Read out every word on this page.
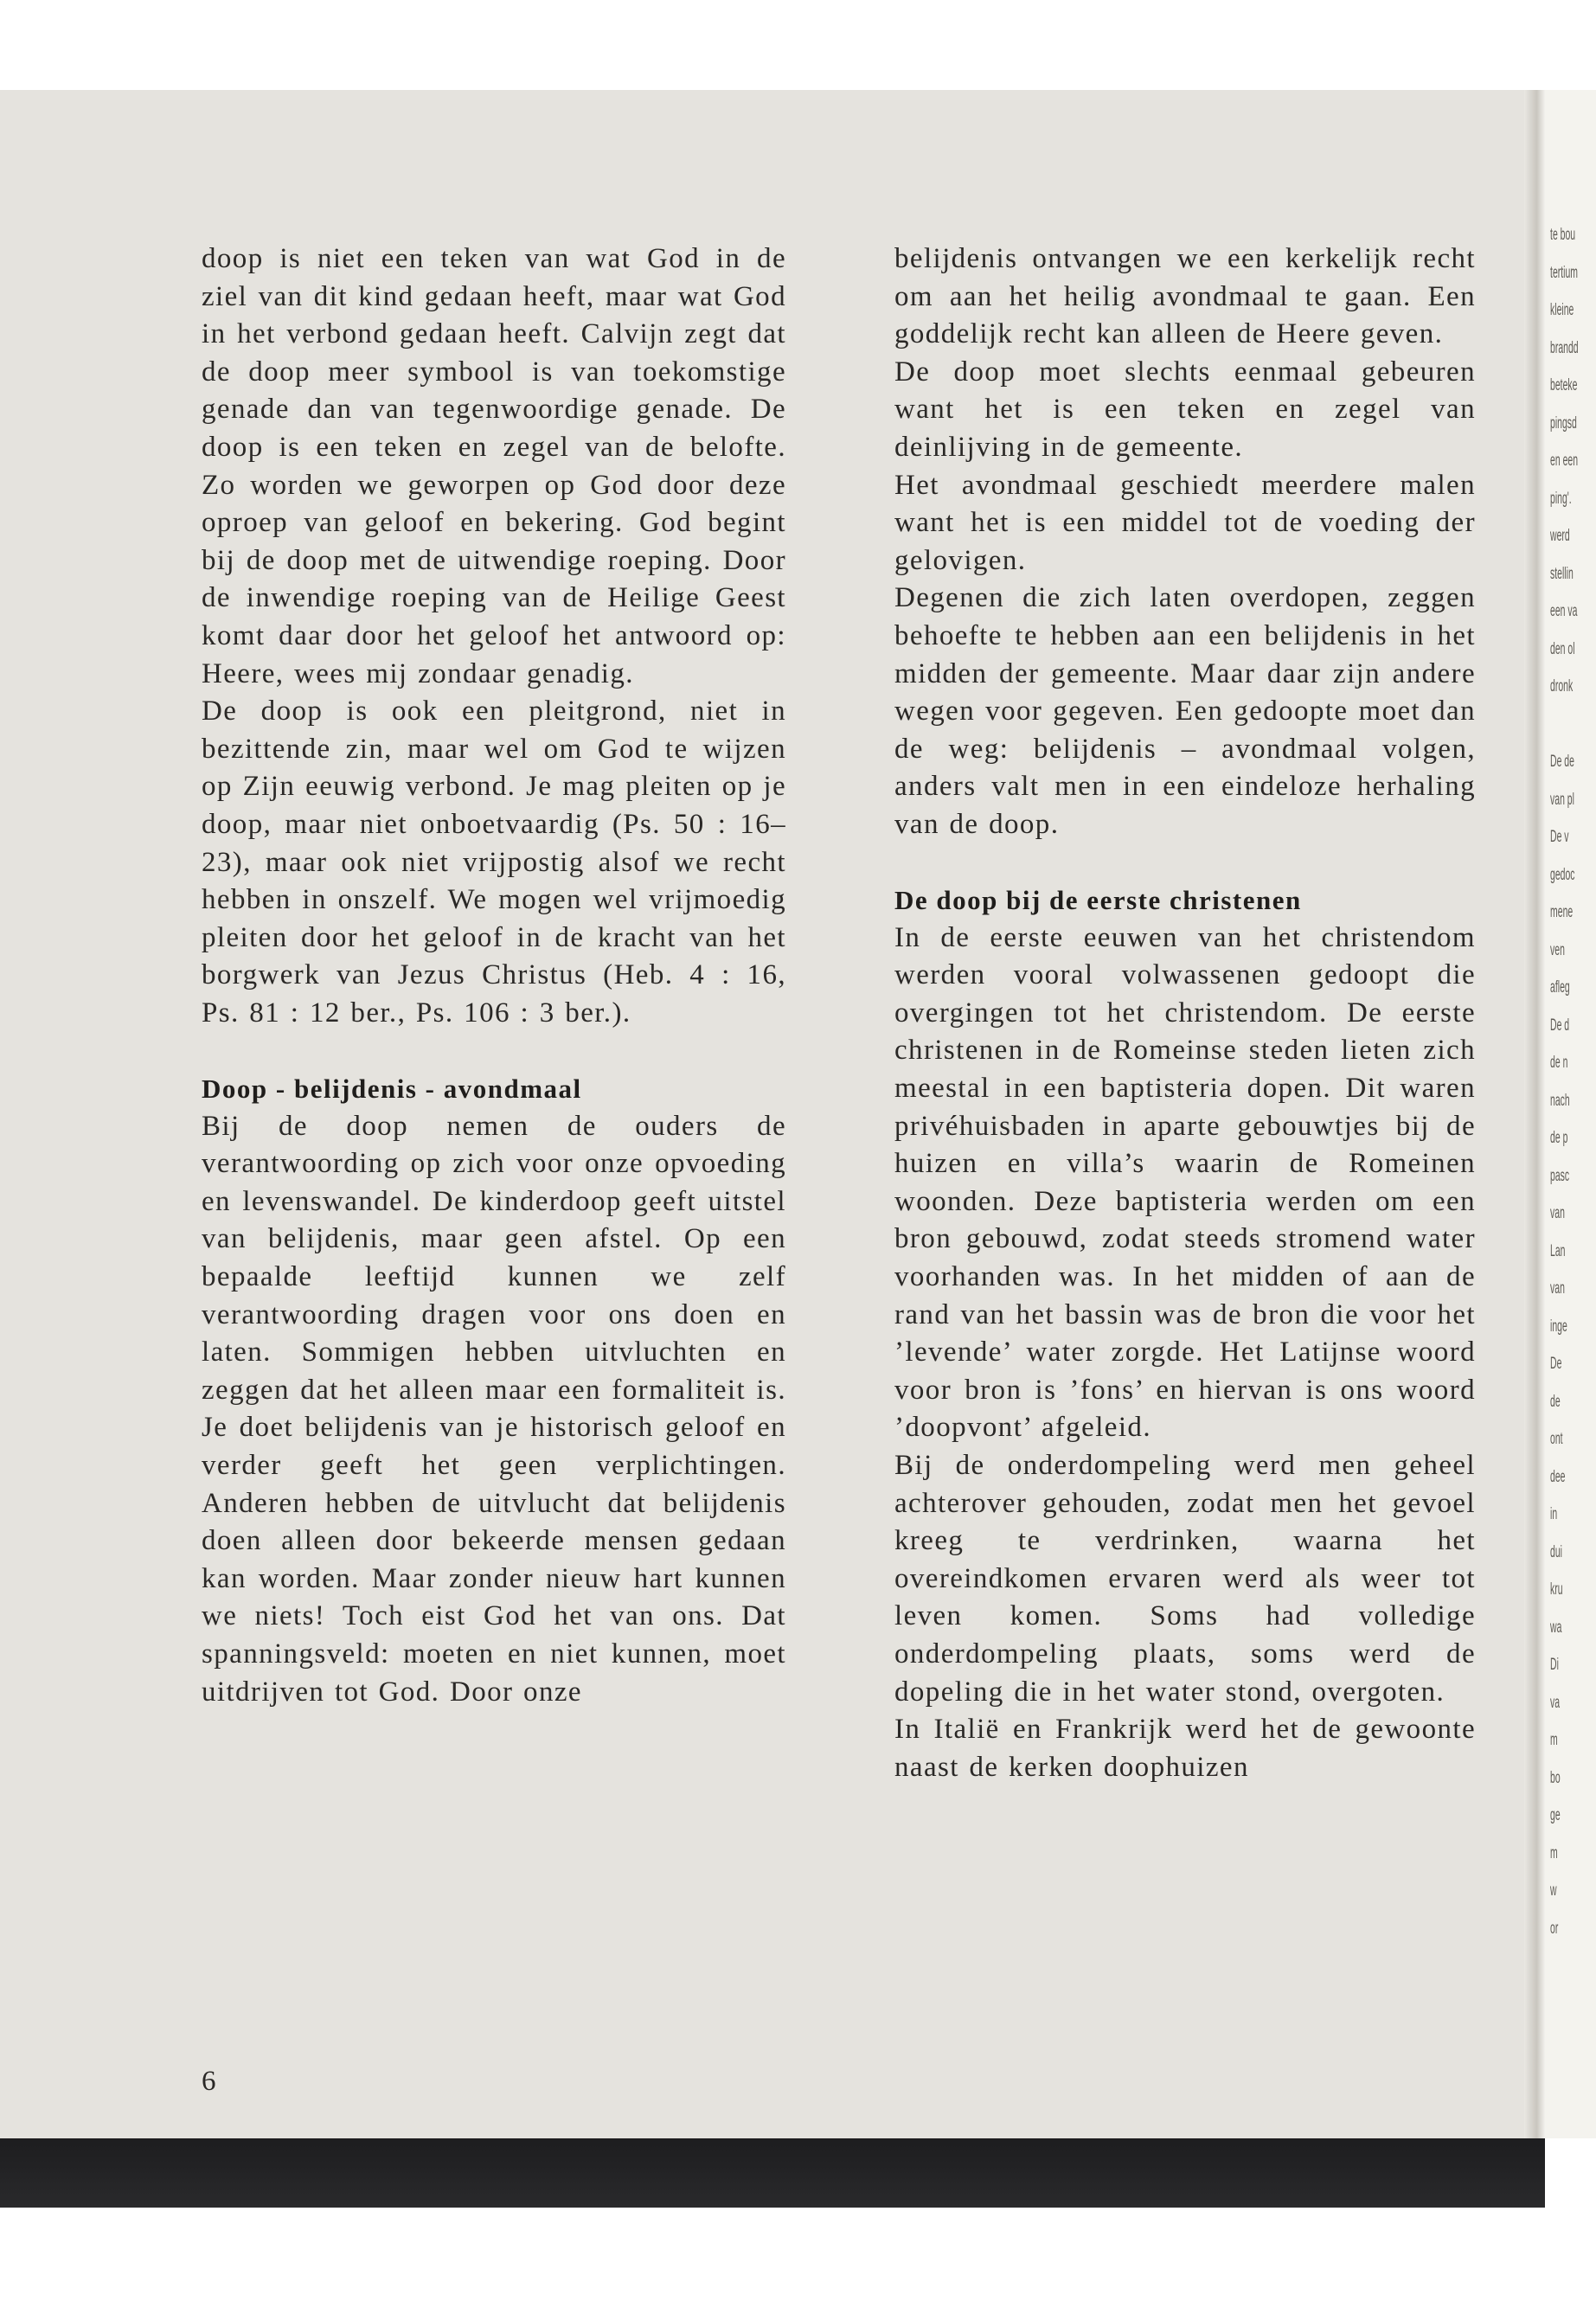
te bou
tertium
kleine
brandd
beteke
pingsd
en een
ping'.
werd
stellin
een va
den ol
dronk

De de
van pl
De v
gedoc
mene
ven
afleg
De d
de n
nach
de p
pasc
van
Lan
van
inge
De
de
ont
dee
in
dui
kru
wa
Di
va
m
bo
ge
m
w
or

doop is niet een teken van wat God in de ziel van dit kind gedaan heeft, maar wat God in het verbond gedaan heeft. Calvijn zegt dat de doop meer symbool is van toekomstige genade dan van tegenwoordige genade. De doop is een teken en zegel van de belofte. Zo worden we geworpen op God door deze oproep van geloof en bekering. God begint bij de doop met de uitwendige roeping. Door de inwendige roeping van de Heilige Geest komt daar door het geloof het antwoord op: Heere, wees mij zondaar genadig.

De doop is ook een pleitgrond, niet in bezittende zin, maar wel om God te wijzen op Zijn eeuwig verbond. Je mag pleiten op je doop, maar niet onboetvaardig (Ps. 50 : 16–23), maar ook niet vrijpostig alsof we recht hebben in onszelf. We mogen wel vrijmoedig pleiten door het geloof in de kracht van het borgwerk van Jezus Christus (Heb. 4 : 16, Ps. 81 : 12 ber., Ps. 106 : 3 ber.).

Doop - belijdenis - avondmaal

Bij de doop nemen de ouders de verantwoording op zich voor onze opvoeding en levenswandel. De kinderdoop geeft uitstel van belijdenis, maar geen afstel. Op een bepaalde leeftijd kunnen we zelf verantwoording dragen voor ons doen en laten. Sommigen hebben uitvluchten en zeggen dat het alleen maar een formaliteit is. Je doet belijdenis van je historisch geloof en verder geeft het geen verplichtingen. Anderen hebben de uitvlucht dat belijdenis doen alleen door bekeerde mensen gedaan kan worden. Maar zonder nieuw hart kunnen we niets! Toch eist God het van ons. Dat spanningsveld: moeten en niet kunnen, moet uitdrijven tot God. Door onze

belijdenis ontvangen we een kerkelijk recht om aan het heilig avondmaal te gaan. Een goddelijk recht kan alleen de Heere geven.

De doop moet slechts eenmaal gebeuren want het is een teken en zegel van deinlijving in de gemeente.

Het avondmaal geschiedt meerdere malen want het is een middel tot de voeding der gelovigen.

Degenen die zich laten overdopen, zeggen behoefte te hebben aan een belijdenis in het midden der gemeente. Maar daar zijn andere wegen voor gegeven. Een gedoopte moet dan de weg: belijdenis – avondmaal volgen, anders valt men in een eindeloze herhaling van de doop.

De doop bij de eerste christenen

In de eerste eeuwen van het christendom werden vooral volwassenen gedoopt die overgingen tot het christendom. De eerste christenen in de Romeinse steden lieten zich meestal in een baptisteria dopen. Dit waren privéhuisbaden in aparte gebouwtjes bij de huizen en villa’s waarin de Romeinen woonden. Deze baptisteria werden om een bron gebouwd, zodat steeds stromend water voorhanden was. In het midden of aan de rand van het bassin was de bron die voor het ’levende’ water zorgde. Het Latijnse woord voor bron is ’fons’ en hiervan is ons woord ’doopvont’ afgeleid.

Bij de onderdompeling werd men geheel achterover gehouden, zodat men het gevoel kreeg te verdrinken, waarna het overeindkomen ervaren werd als weer tot leven komen. Soms had volledige onderdompeling plaats, soms werd de dopeling die in het water stond, overgoten.

In Italië en Frankrijk werd het de gewoonte naast de kerken doophuizen

6
